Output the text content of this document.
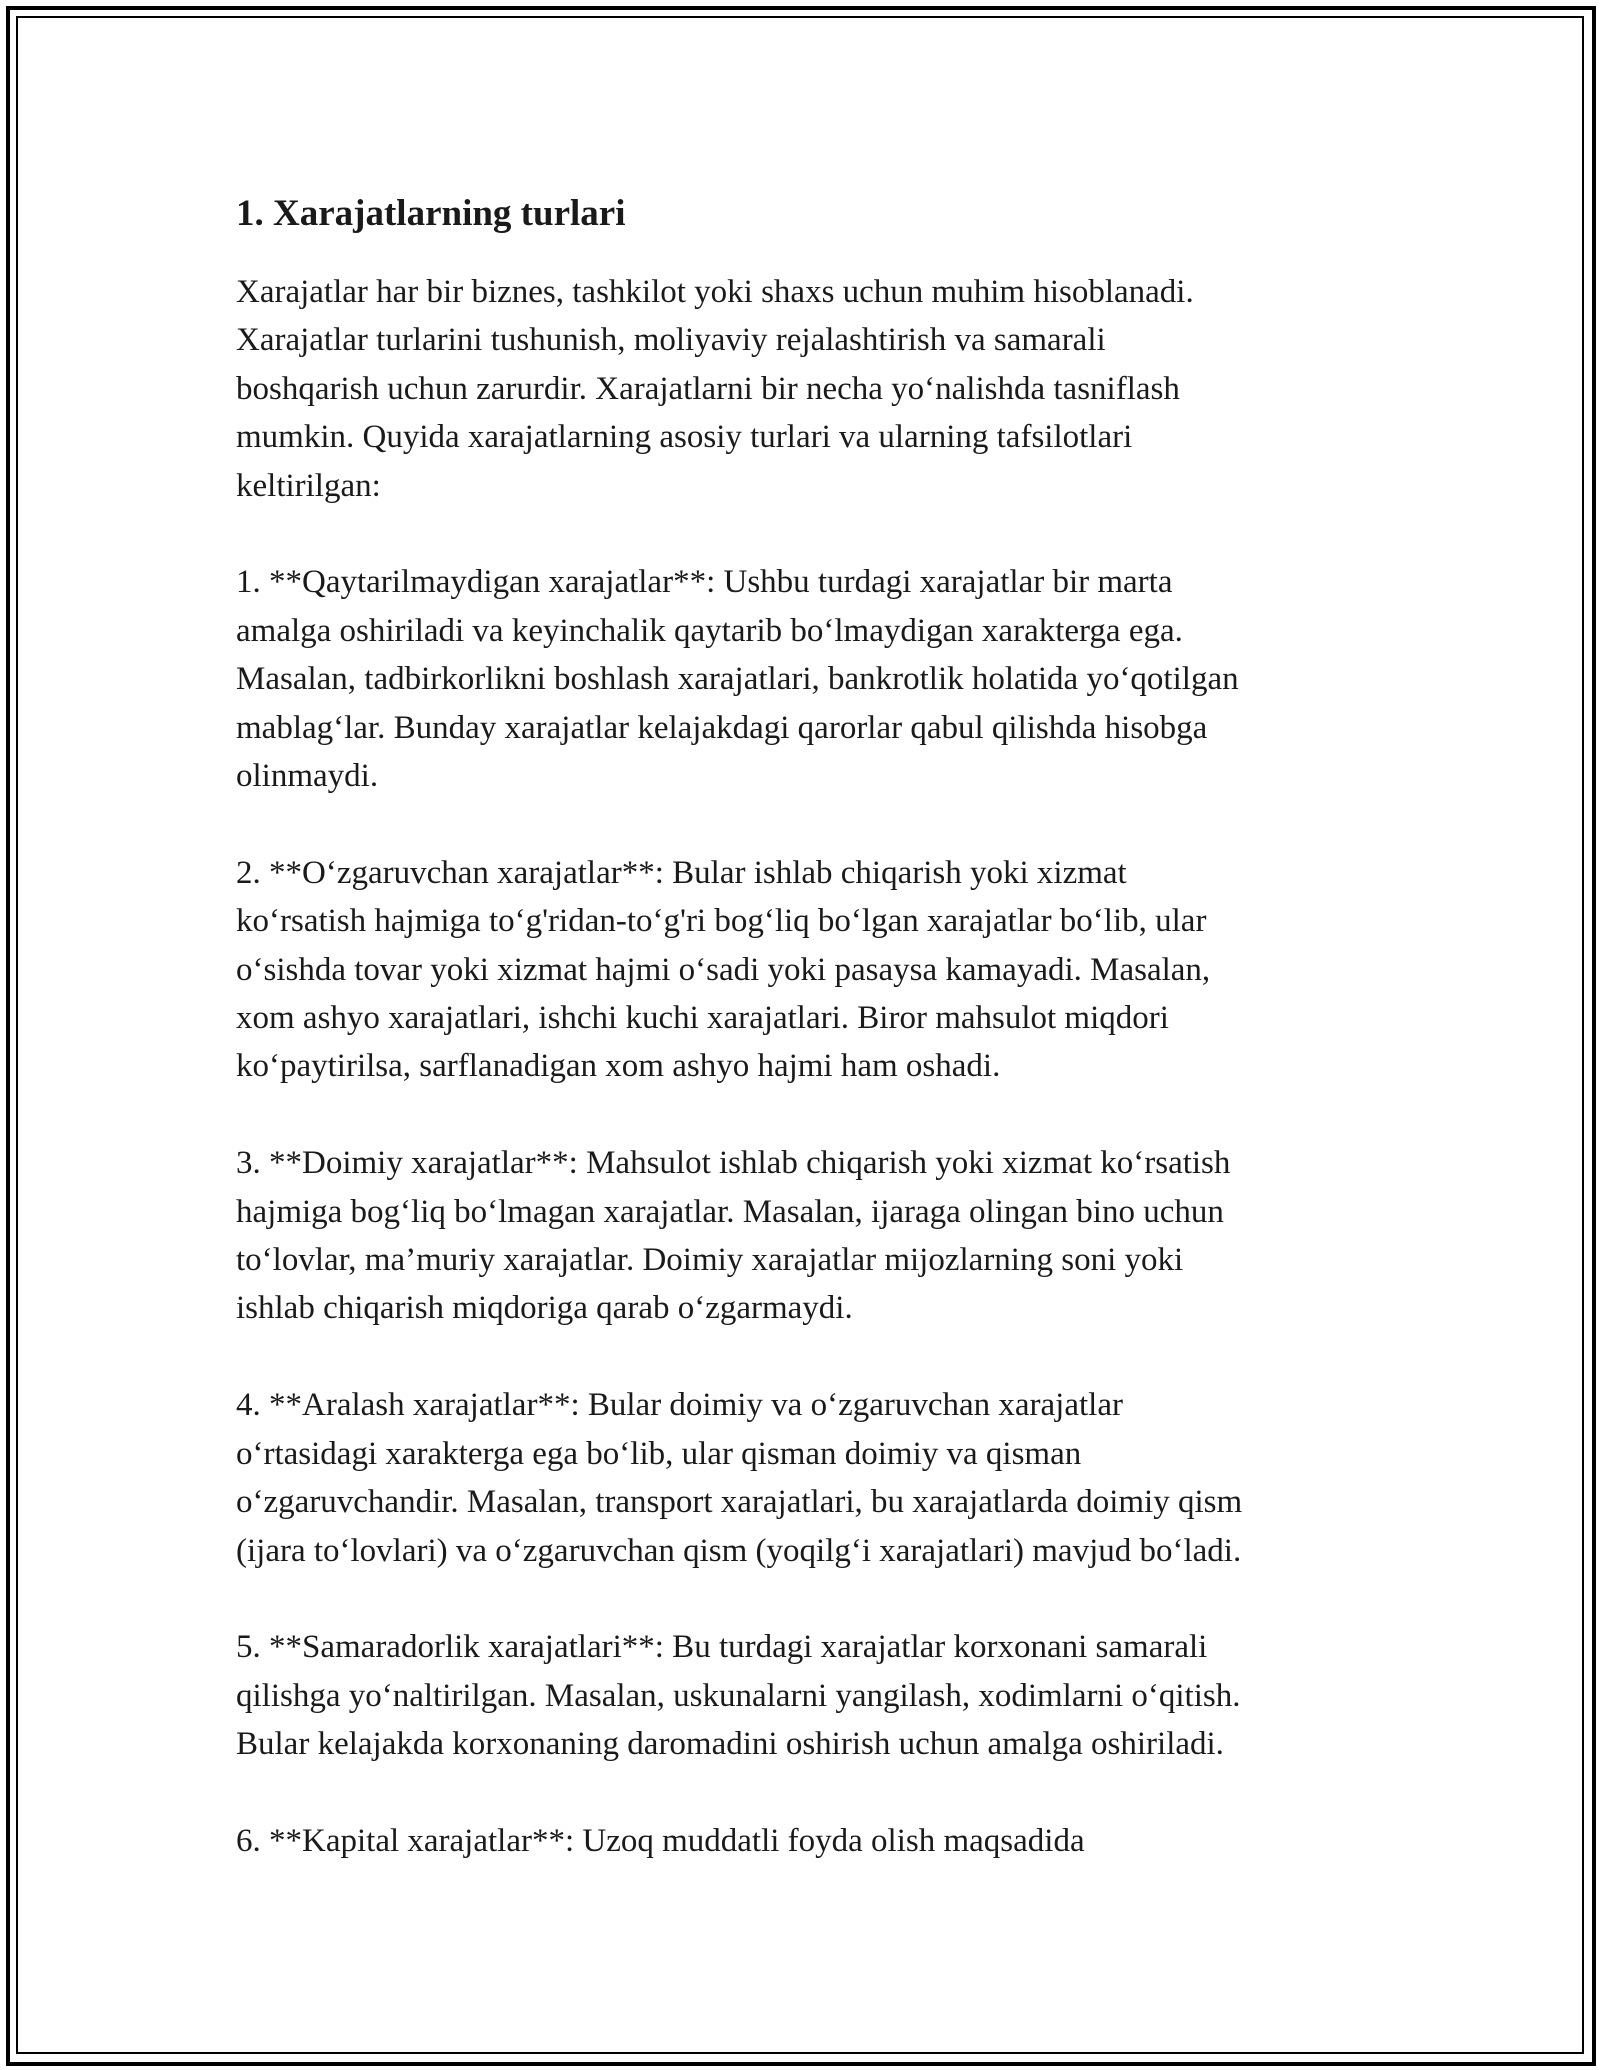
1. Xarajatlarning turlari

Xarajatlar har bir biznes, tashkilot yoki shaxs uchun muhim hisoblanadi.
Xarajatlar turlarini tushunish, moliyaviy rejalashtirish va samarali
boshqarish uchun zarurdir. Xarajatlarni bir necha yo‘nalishda tasniflash
mumkin. Quyida xarajatlarning asosiy turlari va ularning tafsilotlari
keltirilgan:

1. **Qaytarilmaydigan xarajatlar**: Ushbu turdagi xarajatlar bir marta
amalga oshiriladi va keyinchalik qaytarib bo‘lmaydigan xarakterga ega.
Masalan, tadbirkorlikni boshlash xarajatlari, bankrotlik holatida yo‘qotilgan
mablag‘lar. Bunday xarajatlar kelajakdagi qarorlar qabul qilishda hisobga
olinmaydi.

2. **O‘zgaruvchan xarajatlar**: Bular ishlab chiqarish yoki xizmat
ko‘rsatish hajmiga to‘g'ridan-to‘g'ri bog‘liq bo‘lgan xarajatlar bo‘lib, ular
o‘sishda tovar yoki xizmat hajmi o‘sadi yoki pasaysa kamayadi. Masalan,
xom ashyo xarajatlari, ishchi kuchi xarajatlari. Biror mahsulot miqdori
ko‘paytirilsa, sarflanadigan xom ashyo hajmi ham oshadi.

3. **Doimiy xarajatlar**: Mahsulot ishlab chiqarish yoki xizmat ko‘rsatish
hajmiga bog‘liq bo‘lmagan xarajatlar. Masalan, ijaraga olingan bino uchun
to‘lovlar, ma’muriy xarajatlar. Doimiy xarajatlar mijozlarning soni yoki
ishlab chiqarish miqdoriga qarab o‘zgarmaydi.

4. **Aralash xarajatlar**: Bular doimiy va o‘zgaruvchan xarajatlar
o‘rtasidagi xarakterga ega bo‘lib, ular qisman doimiy va qisman
o‘zgaruvchandir. Masalan, transport xarajatlari, bu xarajatlarda doimiy qism
(ijara to‘lovlari) va o‘zgaruvchan qism (yoqilg‘i xarajatlari) mavjud bo‘ladi.

5. **Samaradorlik xarajatlari**: Bu turdagi xarajatlar korxonani samarali
qilishga yo‘naltirilgan. Masalan, uskunalarni yangilash, xodimlarni o‘qitish.
Bular kelajakda korxonaning daromadini oshirish uchun amalga oshiriladi.

6. **Kapital xarajatlar**: Uzoq muddatli foyda olish maqsadida
